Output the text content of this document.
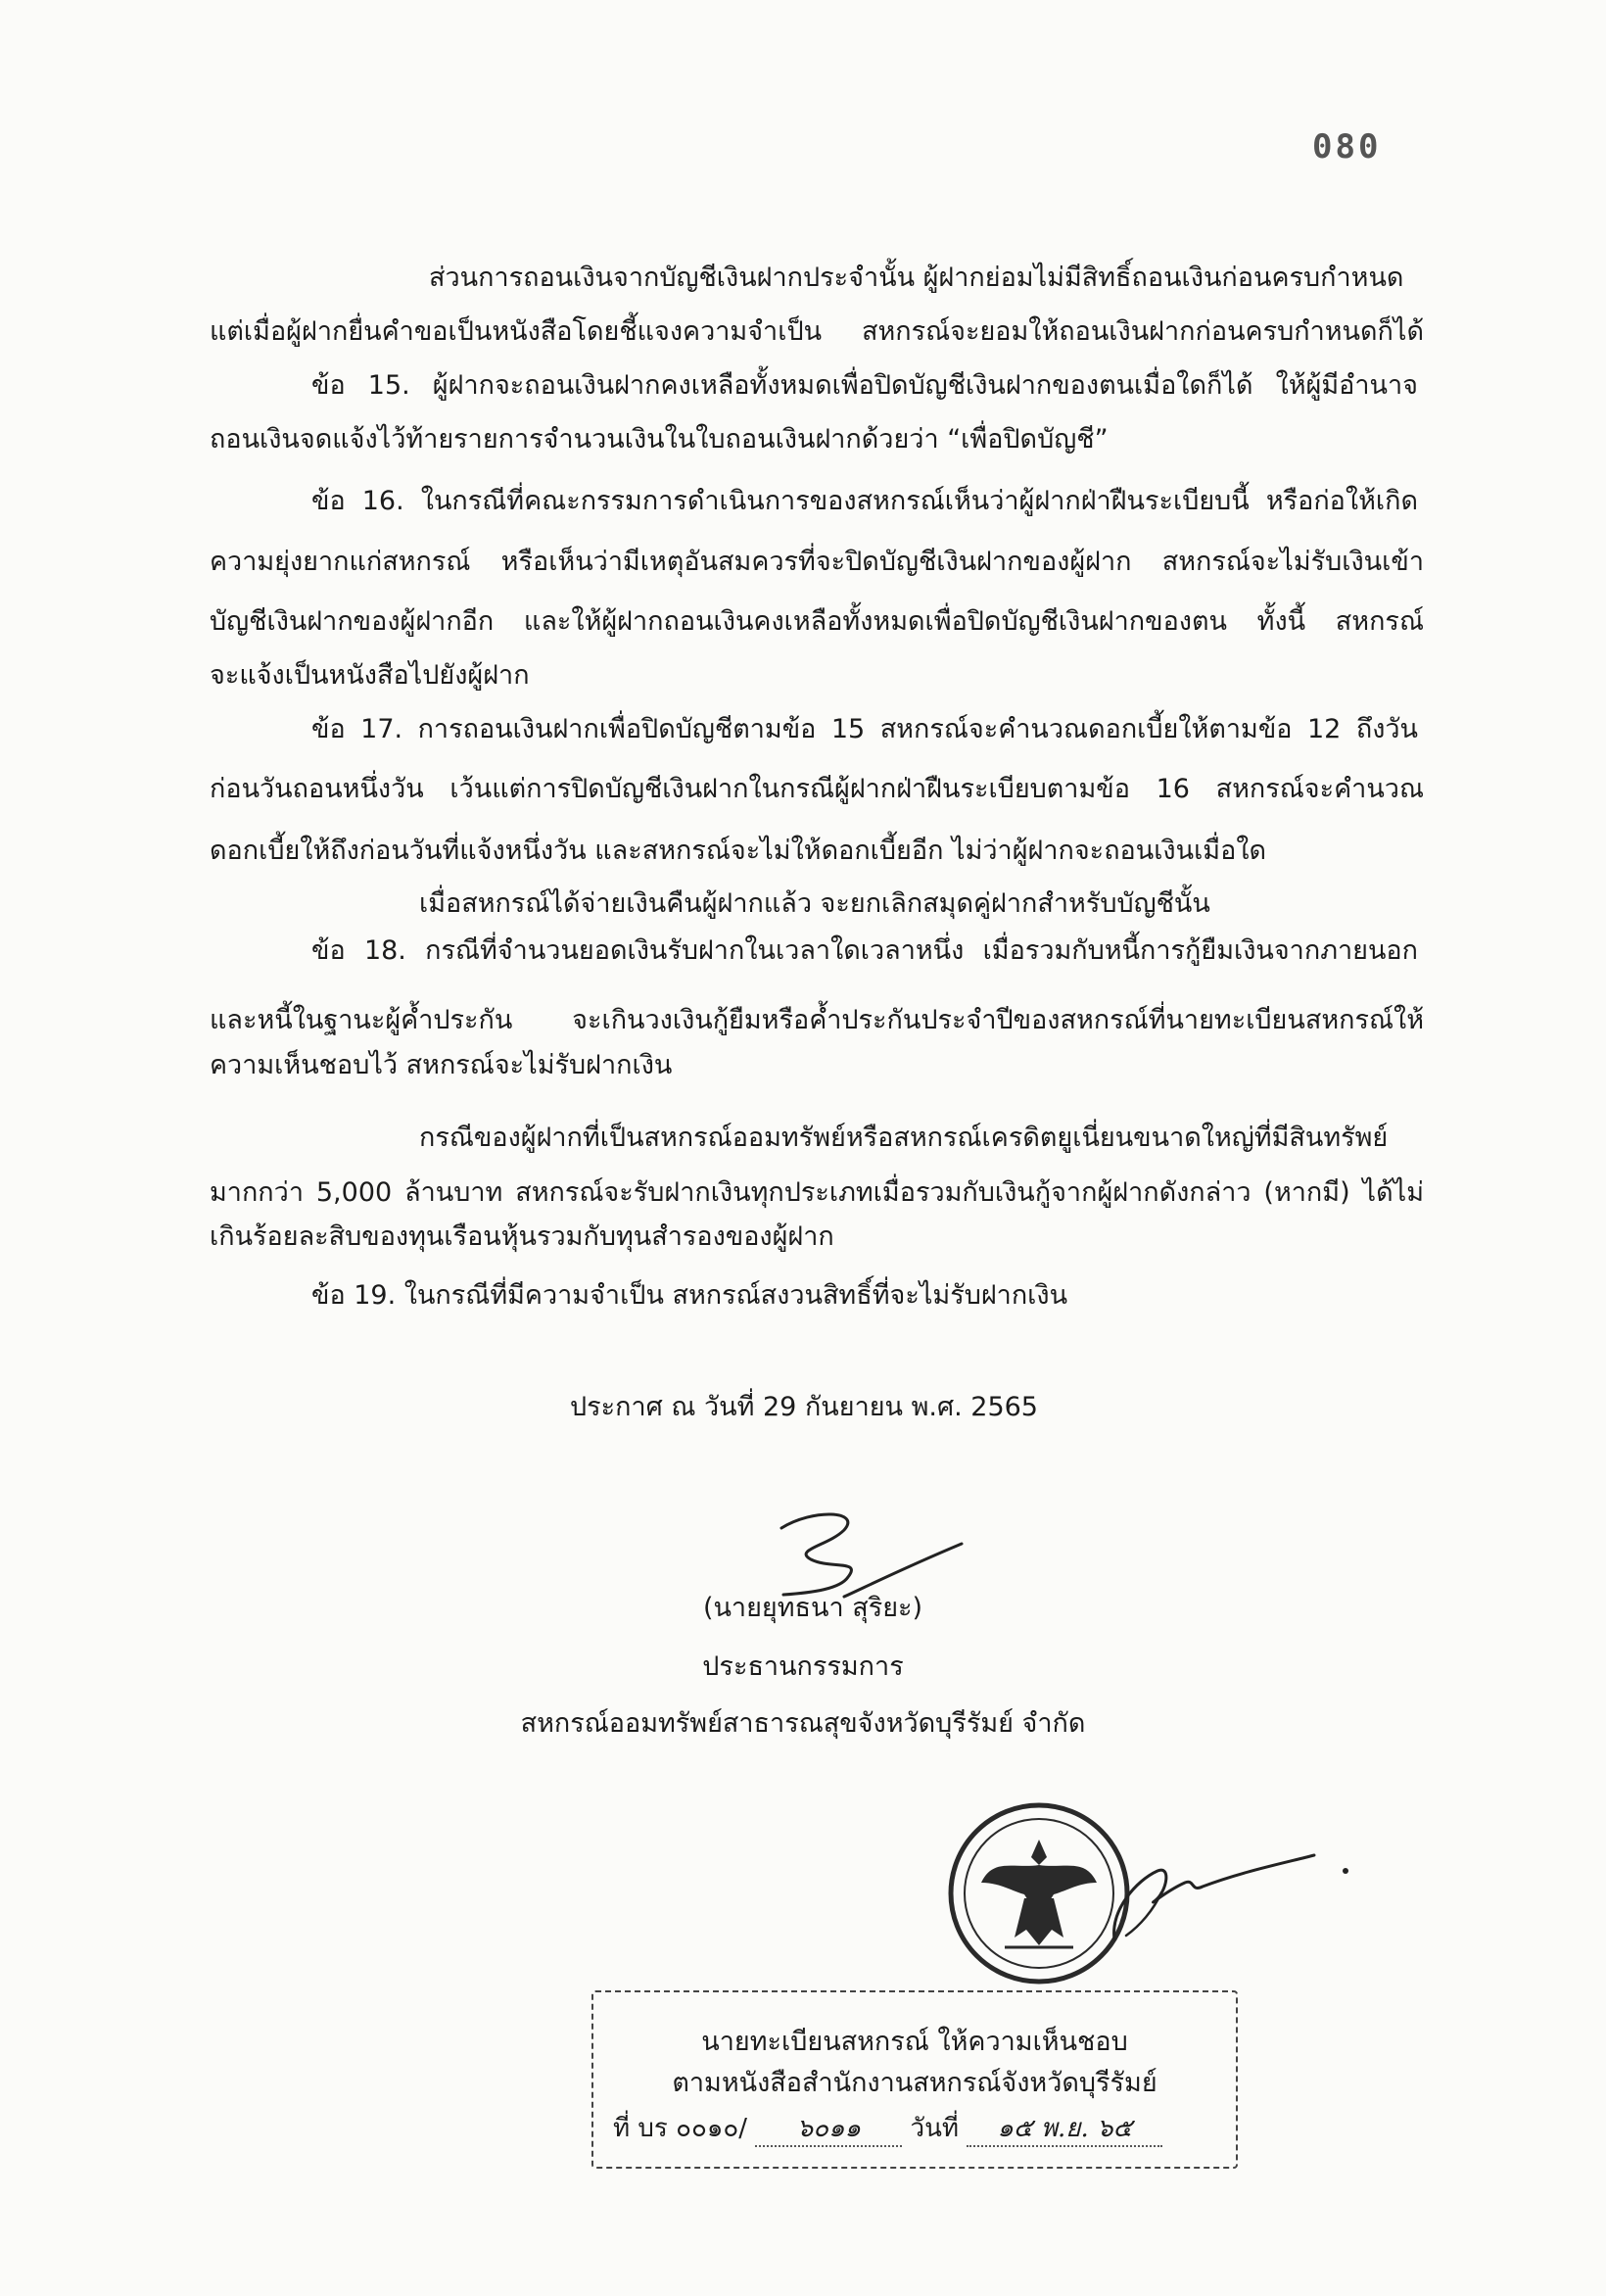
080
ส่วนการถอนเงินจากบัญชีเงินฝากประจำนั้น ผู้ฝากย่อมไม่มีสิทธิ์ถอนเงินก่อนครบกำหนด
แต่เมื่อผู้ฝากยื่นคำขอเป็นหนังสือโดยชี้แจงความจำเป็น สหกรณ์จะยอมให้ถอนเงินฝากก่อนครบกำหนดก็ได้
ข้อ 15. ผู้ฝากจะถอนเงินฝากคงเหลือทั้งหมดเพื่อปิดบัญชีเงินฝากของตนเมื่อใดก็ได้ ให้ผู้มีอำนาจ
ถอนเงินจดแจ้งไว้ท้ายรายการจำนวนเงินในใบถอนเงินฝากด้วยว่า “เพื่อปิดบัญชี”
ข้อ 16. ในกรณีที่คณะกรรมการดำเนินการของสหกรณ์เห็นว่าผู้ฝากฝ่าฝืนระเบียบนี้ หรือก่อให้เกิด
ความยุ่งยากแก่สหกรณ์ หรือเห็นว่ามีเหตุอันสมควรที่จะปิดบัญชีเงินฝากของผู้ฝาก สหกรณ์จะไม่รับเงินเข้า
บัญชีเงินฝากของผู้ฝากอีก และให้ผู้ฝากถอนเงินคงเหลือทั้งหมดเพื่อปิดบัญชีเงินฝากของตน ทั้งนี้ สหกรณ์
จะแจ้งเป็นหนังสือไปยังผู้ฝาก
ข้อ 17. การถอนเงินฝากเพื่อปิดบัญชีตามข้อ 15 สหกรณ์จะคำนวณดอกเบี้ยให้ตามข้อ 12 ถึงวัน
ก่อนวันถอนหนึ่งวัน เว้นแต่การปิดบัญชีเงินฝากในกรณีผู้ฝากฝ่าฝืนระเบียบตามข้อ 16 สหกรณ์จะคำนวณ
ดอกเบี้ยให้ถึงก่อนวันที่แจ้งหนึ่งวัน และสหกรณ์จะไม่ให้ดอกเบี้ยอีก ไม่ว่าผู้ฝากจะถอนเงินเมื่อใด
เมื่อสหกรณ์ได้จ่ายเงินคืนผู้ฝากแล้ว จะยกเลิกสมุดคู่ฝากสำหรับบัญชีนั้น
ข้อ 18. กรณีที่จำนวนยอดเงินรับฝากในเวลาใดเวลาหนึ่ง เมื่อรวมกับหนี้การกู้ยืมเงินจากภายนอก
และหนี้ในฐานะผู้ค้ำประกัน จะเกินวงเงินกู้ยืมหรือค้ำประกันประจำปีของสหกรณ์ที่นายทะเบียนสหกรณ์ให้
ความเห็นชอบไว้ สหกรณ์จะไม่รับฝากเงิน
กรณีของผู้ฝากที่เป็นสหกรณ์ออมทรัพย์หรือสหกรณ์เครดิตยูเนี่ยนขนาดใหญ่ที่มีสินทรัพย์
มากกว่า 5,000 ล้านบาท สหกรณ์จะรับฝากเงินทุกประเภทเมื่อรวมกับเงินกู้จากผู้ฝากดังกล่าว (หากมี) ได้ไม่
เกินร้อยละสิบของทุนเรือนหุ้นรวมกับทุนสำรองของผู้ฝาก
ข้อ 19. ในกรณีที่มีความจำเป็น สหกรณ์สงวนสิทธิ์ที่จะไม่รับฝากเงิน
ประกาศ ณ วันที่ 29 กันยายน พ.ศ. 2565
(นายยุทธนา สุริยะ)
ประธานกรรมการ
สหกรณ์ออมทรัพย์สาธารณสุขจังหวัดบุรีรัมย์ จำกัด
นายทะเบียนสหกรณ์ ให้ความเห็นชอบ
ตามหนังสือสำนักงานสหกรณ์จังหวัดบุรีรัมย์
ที่ บร ๐๐๑๐/ ๖๐๑๑ วันที่ ๑๕ พ.ย. ๖๕
